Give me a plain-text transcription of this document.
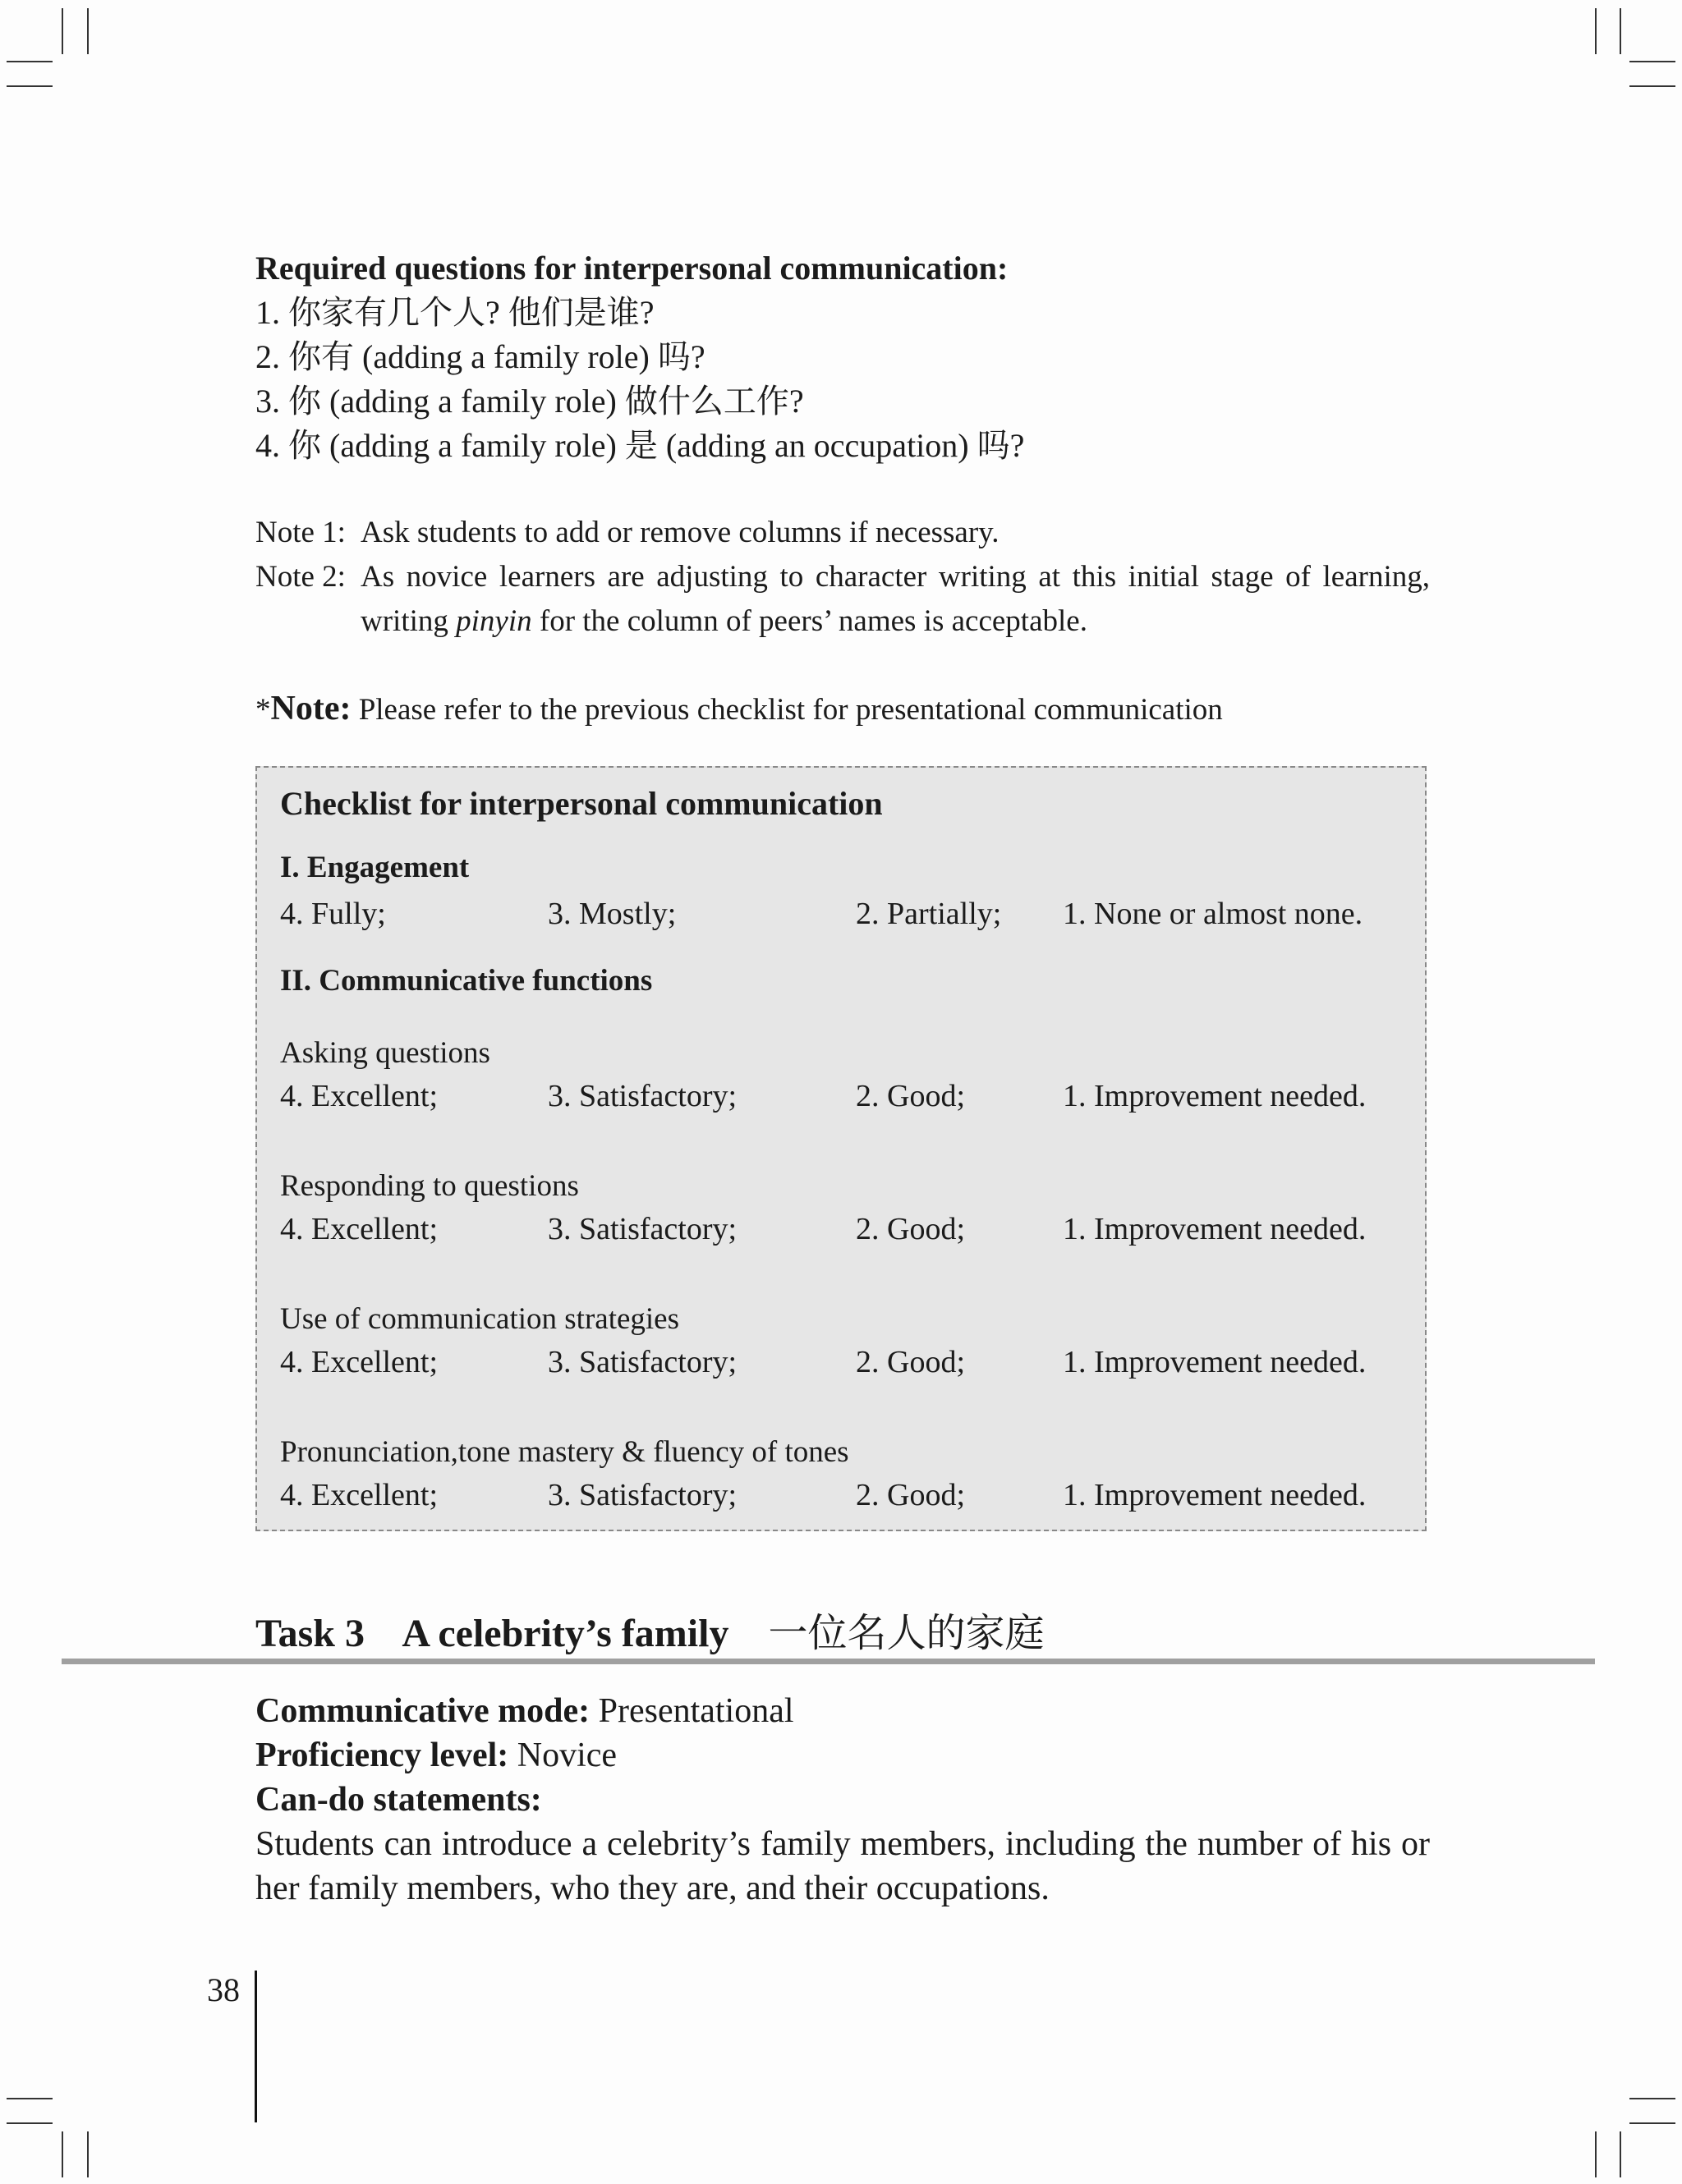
Required questions for interpersonal communication:
1. 你家有几个人? 他们是谁?
2. 你有 (adding a family role) 吗?
3. 你 (adding a family role) 做什么工作?
4. 你 (adding a family role) 是 (adding an occupation) 吗?
Note 1: Ask students to add or remove columns if necessary.
Note 2: As novice learners are adjusting to character writing at this initial stage of learning, writing pinyin for the column of peers’ names is acceptable.
*Note: Please refer to the previous checklist for presentational communication
Checklist for interpersonal communication
I. Engagement
4. Fully;	3. Mostly;	2. Partially; 1. None or almost none.
II. Communicative functions
Asking questions
4. Excellent;	3. Satisfactory;	2. Good;	1. Improvement needed.
Responding to questions
4. Excellent;	3. Satisfactory;	2. Good;	1. Improvement needed.
Use of communication strategies
4. Excellent;	3. Satisfactory;	2. Good;	1. Improvement needed.
Pronunciation,tone mastery & fluency of tones
4. Excellent;	3. Satisfactory;	2. Good;	1. Improvement needed.
Task 3    A celebrity’s family 一位名人的家庭
Communicative mode: Presentational
Proficiency level: Novice
Can-do statements:
Students can introduce a celebrity’s family members, including the number of his or her family members, who they are, and their occupations.
38
